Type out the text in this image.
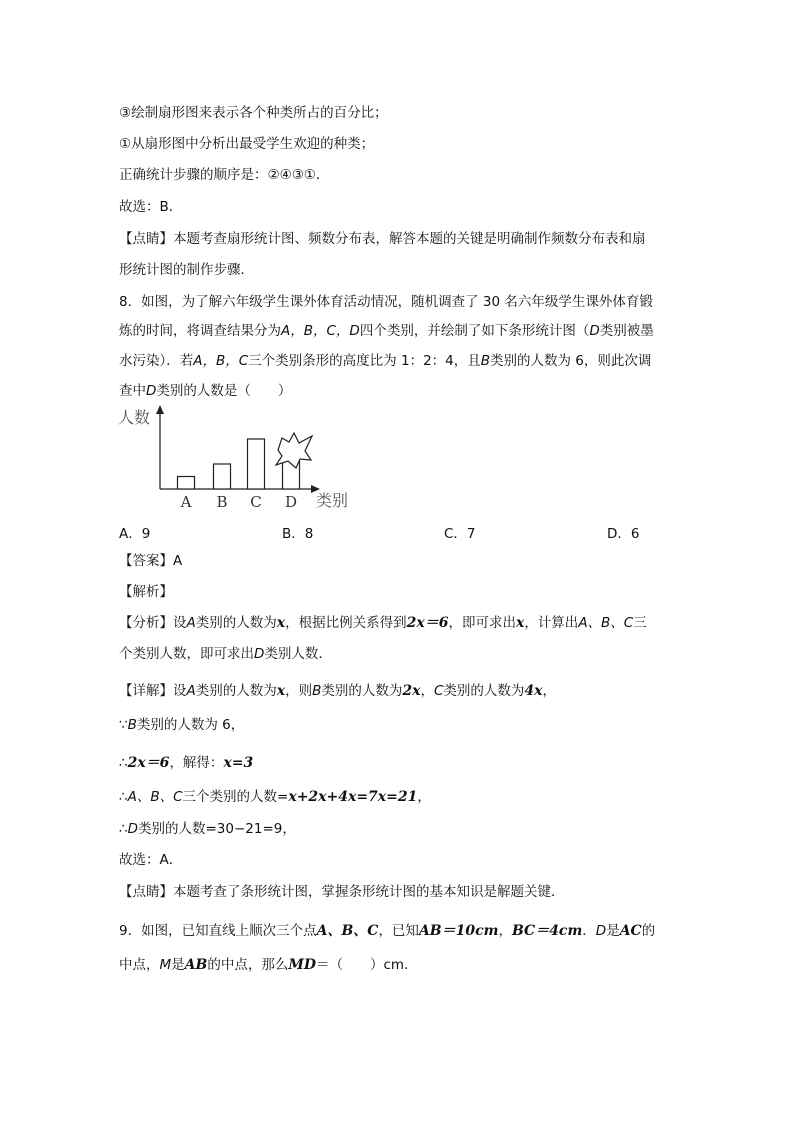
③绘制扇形图来表示各个种类所占的百分比；
①从扇形图中分析出最受学生欢迎的种类；
正确统计步骤的顺序是：②④③①．
故选：B．
【点睛】本题考查扇形统计图、频数分布表，解答本题的关键是明确制作频数分布表和扇
形统计图的制作步骤．
8．如图，为了解六年级学生课外体育活动情况，随机调查了 30 名六年级学生课外体育锻
炼的时间，将调查结果分为A，B，C，D四个类别，并绘制了如下条形统计图（D类别被墨
水污染）．若A，B，C三个类别条形的高度比为 1：2：4，且B类别的人数为 6，则此次调
查中D类别的人数是（　　）
人数
类别
A B C D
A．9	B．8	C．7	D．6
【答案】A
【解析】
【分析】设A类别的人数为x，根据比例关系得到2x＝6，即可求出x，计算出A、B、C三
个类别人数，即可求出D类别人数．
【详解】设A类别的人数为x，则B类别的人数为2x，C类别的人数为4x，
∵B类别的人数为 6，
∴2x＝6，解得：x=3
∴A、B、C三个类别的人数=x+2x+4x=7x=21，
∴D类别的人数=30−21=9，
故选：A．
【点睛】本题考查了条形统计图，掌握条形统计图的基本知识是解题关键．
9．如图，已知直线上顺次三个点A、B、C，已知AB＝10cm，BC＝4cm．D是AC的
中点，M是AB的中点，那么MD＝（　　）cm．
